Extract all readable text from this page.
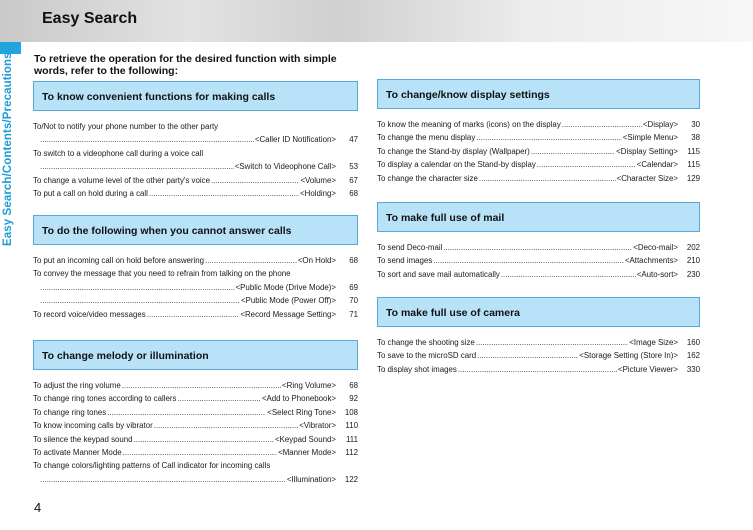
Easy Search
Easy Search/Contents/Precautions
4
To retrieve the operation for the desired function with simple words, refer to the following:
To know convenient functions for making calls
To/Not to notify your phone number to the other party
.....
<Caller ID Notification>	47
To switch to a videophone call during a voice call
.....
<Switch to Videophone Call>	53
To change a volume level of the other party's voice .....	<Volume>	67
To put a call on hold during a call .....	<Holding>	68
To do the following when you cannot answer calls
To put an incoming call on hold before answering .....	<On Hold>	68
To convey the message that you need to refrain from talking on the phone
.....
<Public Mode (Drive Mode)>	69
.....
<Public Mode (Power Off)>	70
To record voice/video messages .....	<Record Message Setting>	71
To change melody or illumination
To adjust the ring volume .....	<Ring Volume>	68
To change ring tones according to callers .....	<Add to Phonebook>	92
To change ring tones .....	<Select Ring Tone>	108
To know incoming calls by vibrator .....	<Vibrator>	110
To silence the keypad sound .....	<Keypad Sound>	111
To activate Manner Mode .....	<Manner Mode>	112
To change colors/lighting patterns of Call indicator for incoming calls
.....
<Illumination>	122
To change/know display settings
To know the meaning of marks (icons) on the display .....	<Display>	30
To change the menu display .....	<Simple Menu>	38
To change the Stand-by display (Wallpaper) .....	<Display Setting>	115
To display a calendar on the Stand-by display .....	<Calendar>	115
To change the character size .....	<Character Size>	129
To make full use of mail
To send Deco-mail .....	<Deco-mail>	202
To send images .....	<Attachments>	210
To sort and save mail automatically .....	<Auto-sort>	230
To make full use of camera
To change the shooting size .....	<Image Size>	160
To save to the microSD card .....	<Storage Setting (Store In)>	162
To display shot images .....	<Picture Viewer>	330
